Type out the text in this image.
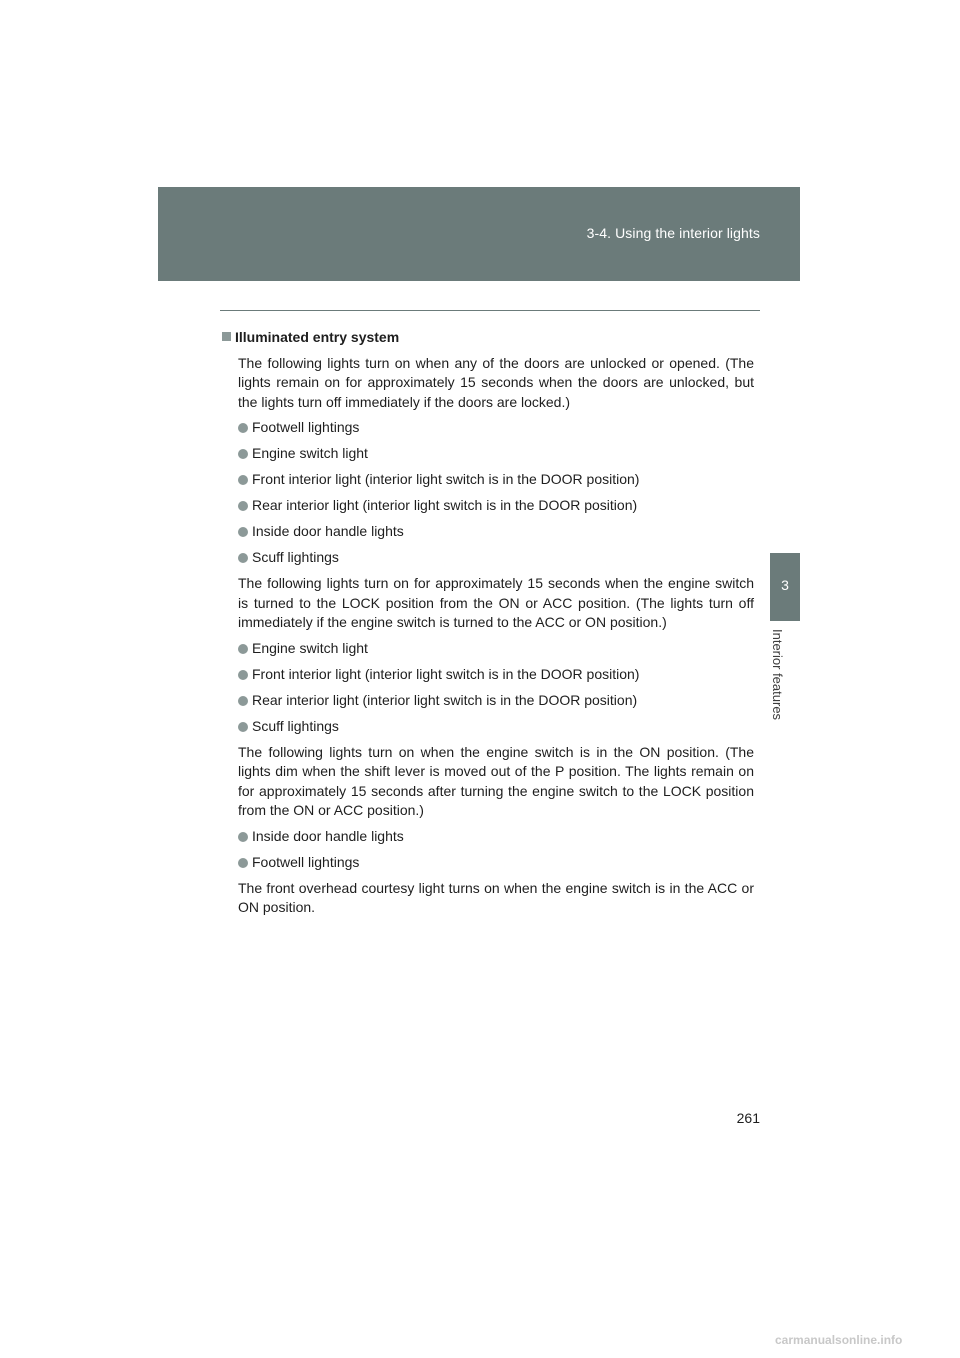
3-4. Using the interior lights
3
Interior features
Illuminated entry system
The following lights turn on when any of the doors are unlocked or opened. (The lights remain on for approximately 15 seconds when the doors are unlocked, but the lights turn off immediately if the doors are locked.)
Footwell lightings
Engine switch light
Front interior light (interior light switch is in the DOOR position)
Rear interior light (interior light switch is in the DOOR position)
Inside door handle lights
Scuff lightings
The following lights turn on for approximately 15 seconds when the engine switch is turned to the LOCK position from the ON or ACC position. (The lights turn off immediately if the engine switch is turned to the ACC or ON position.)
Engine switch light
Front interior light (interior light switch is in the DOOR position)
Rear interior light (interior light switch is in the DOOR position)
Scuff lightings
The following lights turn on when the engine switch is in the ON position. (The lights dim when the shift lever is moved out of the P position. The lights remain on for approximately 15 seconds after turning the engine switch to the LOCK position from the ON or ACC position.)
Inside door handle lights
Footwell lightings
The front overhead courtesy light turns on when the engine switch is in the ACC or ON position.
261
carmanualsonline.info
